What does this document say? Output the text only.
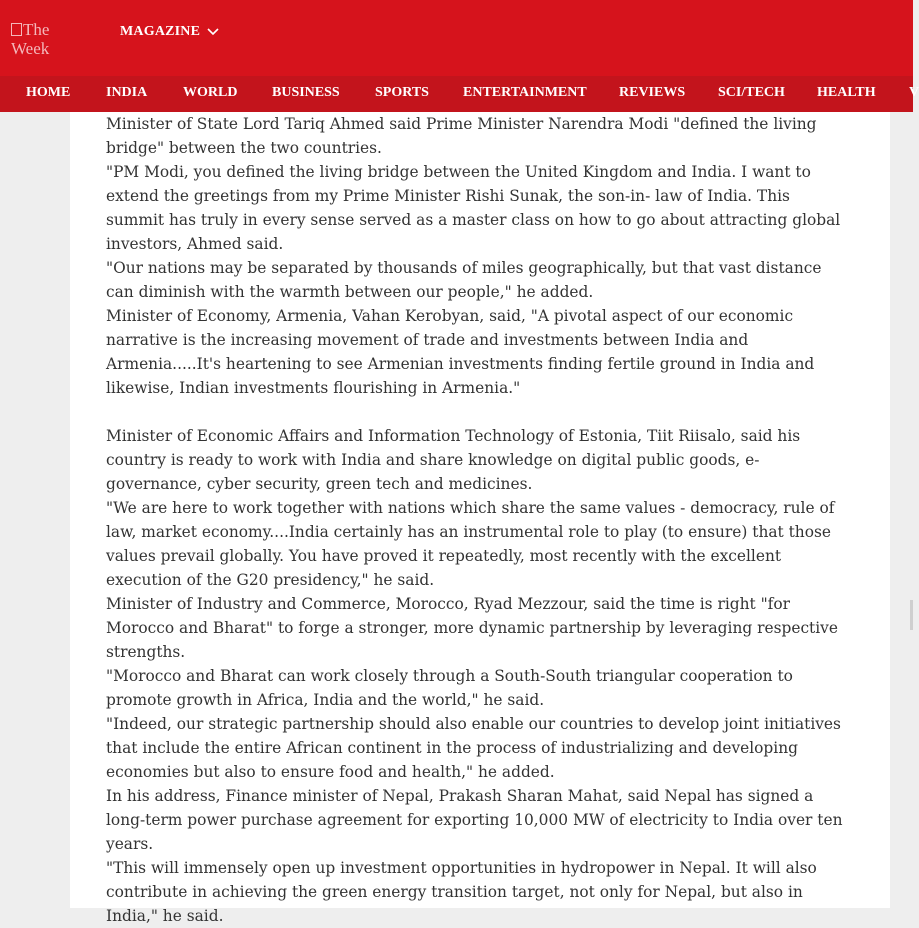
The Week
MAGAZINE
HOME	INDIA	WORLD BUSINESS	SPORTS ENTERTAINMENT REVIEWS SCI/TECH HEALTH V

Minister of State Lord Tariq Ahmed said Prime Minister Narendra Modi "defined the living bridge" between the two countries.

"PM Modi, you defined the living bridge between the United Kingdom and India. I want to extend the greetings from my Prime Minister Rishi Sunak, the son-in- law of India. This summit has truly in every sense served as a master class on how to go about attracting global investors, Ahmed said.

"Our nations may be separated by thousands of miles geographically, but that vast distance can diminish with the warmth between our people," he added.

Minister of Economy, Armenia, Vahan Kerobyan, said, "A pivotal aspect of our economic narrative is the increasing movement of trade and investments between India and Armenia.....It's heartening to see Armenian investments finding fertile ground in India and likewise, Indian investments flourishing in Armenia."

Minister of Economic Affairs and Information Technology of Estonia, Tiit Riisalo, said his country is ready to work with India and share knowledge on digital public goods, e-governance, cyber security, green tech and medicines.

"We are here to work together with nations which share the same values - democracy, rule of law, market economy....India certainly has an instrumental role to play (to ensure) that those values prevail globally. You have proved it repeatedly, most recently with the excellent execution of the G20 presidency," he said.

Minister of Industry and Commerce, Morocco, Ryad Mezzour, said the time is right "for Morocco and Bharat" to forge a stronger, more dynamic partnership by leveraging respective strengths.

"Morocco and Bharat can work closely through a South-South triangular cooperation to promote growth in Africa, India and the world," he said.

"Indeed, our strategic partnership should also enable our countries to develop joint initiatives that include the entire African continent in the process of industrializing and developing economies but also to ensure food and health," he added.

In his address, Finance minister of Nepal, Prakash Sharan Mahat, said Nepal has signed a long-term power purchase agreement for exporting 10,000 MW of electricity to India over ten years.

"This will immensely open up investment opportunities in hydropower in Nepal. It will also contribute in achieving the green energy transition target, not only for Nepal, but also in India," he said.
